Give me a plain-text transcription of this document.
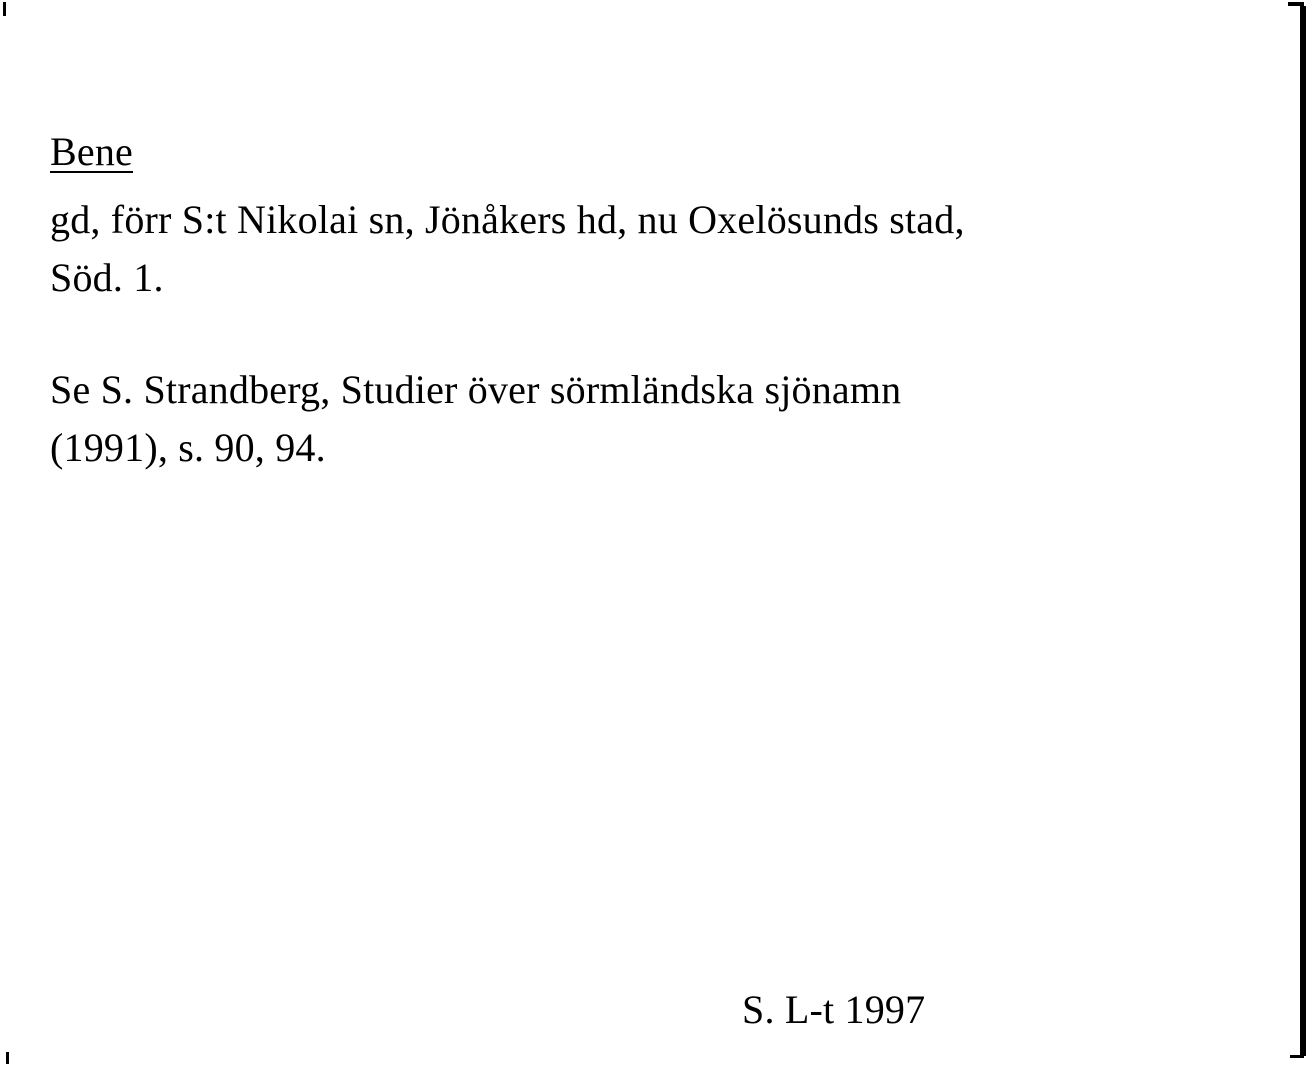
Bene
gd, förr S:t Nikolai sn, Jönåkers hd, nu Oxelösunds stad,
Söd. 1.
Se S. Strandberg, Studier över sörmländska sjönamn
(1991), s. 90, 94.
S. L-t 1997
